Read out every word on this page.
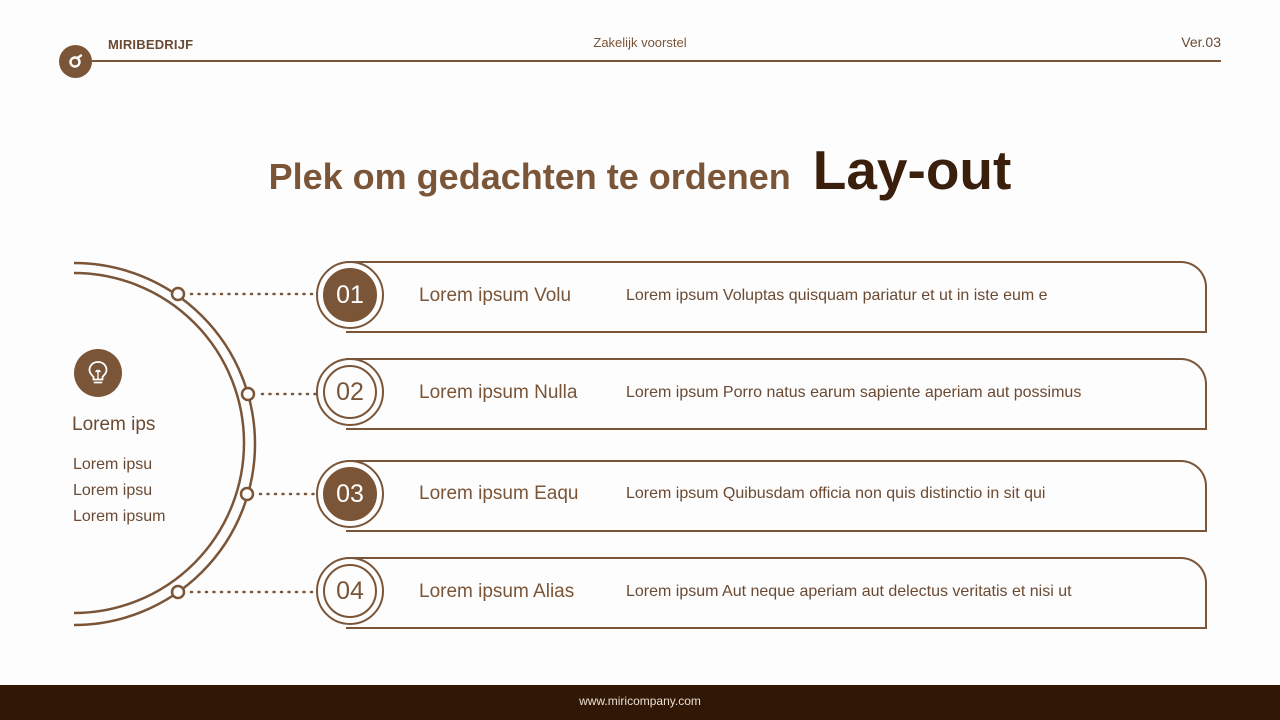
MIRIBEDRIJF	Zakelijk voorstel	Ver.03
Plek om gedachten te ordenen Lay-out
Lorem ips
Lorem ipsu
Lorem ipsu
Lorem ipsum
01	Lorem ipsum Volu	Lorem ipsum Voluptas quisquam pariatur et ut in iste eum e
02	Lorem ipsum Nulla	Lorem ipsum Porro natus earum sapiente aperiam aut possimus
03	Lorem ipsum Eaqu	Lorem ipsum Quibusdam officia non quis distinctio in sit qui
04	Lorem ipsum Alias	Lorem ipsum Aut neque aperiam aut delectus veritatis et nisi ut
www.miricompany.com
